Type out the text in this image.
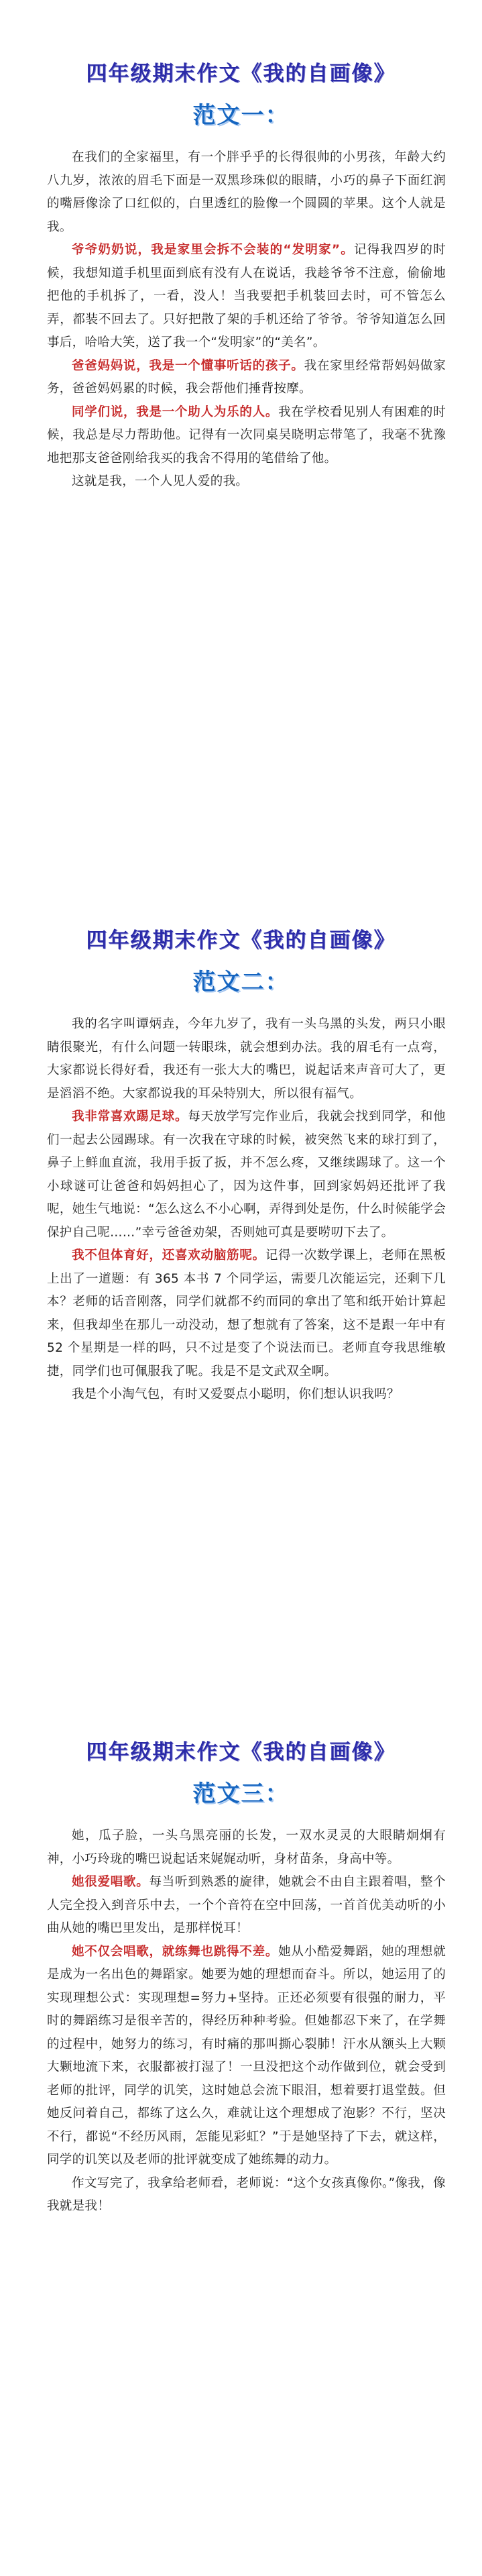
四年级期末作文《我的自画像》
范文一：

在我们的全家福里，有一个胖乎乎的长得很帅的小男孩，年龄大约八九岁，浓浓的眉毛下面是一双黑珍珠似的眼睛，小巧的鼻子下面红润的嘴唇像涂了口红似的，白里透红的脸像一个圆圆的苹果。这个人就是我。

爷爷奶奶说，我是家里会拆不会装的“发明家”。记得我四岁的时候，我想知道手机里面到底有没有人在说话，我趁爷爷不注意，偷偷地把他的手机拆了，一看，没人！当我要把手机装回去时，可不管怎么弄，都装不回去了。只好把散了架的手机还给了爷爷。爷爷知道怎么回事后，哈哈大笑，送了我一个“发明家”的“美名”。

爸爸妈妈说，我是一个懂事听话的孩子。我在家里经常帮妈妈做家务，爸爸妈妈累的时候，我会帮他们捶背按摩。

同学们说，我是一个助人为乐的人。我在学校看见别人有困难的时候，我总是尽力帮助他。记得有一次同桌吴晓明忘带笔了，我毫不犹豫地把那支爸爸刚给我买的我舍不得用的笔借给了他。

这就是我，一个人见人爱的我。

四年级期末作文《我的自画像》
范文二：

我的名字叫谭炳垚，今年九岁了，我有一头乌黑的头发，两只小眼睛很聚光，有什么问题一转眼珠，就会想到办法。我的眉毛有一点弯，大家都说长得好看，我还有一张大大的嘴巴，说起话来声音可大了，更是滔滔不绝。大家都说我的耳朵特别大，所以很有福气。

我非常喜欢踢足球。每天放学写完作业后，我就会找到同学，和他们一起去公园踢球。有一次我在守球的时候，被突然飞来的球打到了，鼻子上鲜血直流，我用手扳了扳，并不怎么疼，又继续踢球了。这一个小球谜可让爸爸和妈妈担心了，因为这件事，回到家妈妈还批评了我呢，她生气地说：“怎么这么不小心啊，弄得到处是伤，什么时候能学会保护自己呢……”幸亏爸爸劝架，否则她可真是要唠叨下去了。

我不但体育好，还喜欢动脑筋呢。记得一次数学课上，老师在黑板上出了一道题：有 365 本书 7 个同学运，需要几次能运完，还剩下几本？老师的话音刚落，同学们就都不约而同的拿出了笔和纸开始计算起来，但我却坐在那儿一动没动，想了想就有了答案，这不是跟一年中有 52 个星期是一样的吗，只不过是变了个说法而已。老师直夸我思维敏捷，同学们也可佩服我了呢。我是不是文武双全啊。

我是个小淘气包，有时又爱耍点小聪明，你们想认识我吗？

四年级期末作文《我的自画像》
范文三：

她，瓜子脸，一头乌黑亮丽的长发，一双水灵灵的大眼睛炯炯有神，小巧玲珑的嘴巴说起话来娓娓动听，身材苗条，身高中等。

她很爱唱歌。每当听到熟悉的旋律，她就会不由自主跟着唱，整个人完全投入到音乐中去，一个个音符在空中回荡，一首首优美动听的小曲从她的嘴巴里发出，是那样悦耳！

她不仅会唱歌，就练舞也跳得不差。她从小酷爱舞蹈，她的理想就是成为一名出色的舞蹈家。她要为她的理想而奋斗。所以，她运用了的实现理想公式：实现理想=努力+坚持。正还必须要有很强的耐力，平时的舞蹈练习是很辛苦的，得经历种种考验。但她都忍下来了，在学舞的过程中，她努力的练习，有时痛的那叫撕心裂肺！汗水从额头上大颗大颗地流下来，衣服都被打湿了！一旦没把这个动作做到位，就会受到老师的批评，同学的讥笑，这时她总会流下眼泪，想着要打退堂鼓。但她反问着自己，都练了这么久，难就让这个理想成了泡影？不行，坚决不行，都说“不经历风雨，怎能见彩虹？”于是她坚持了下去，就这样，同学的讥笑以及老师的批评就变成了她练舞的动力。

作文写完了，我拿给老师看，老师说：“这个女孩真像你。”像我，像我就是我！
